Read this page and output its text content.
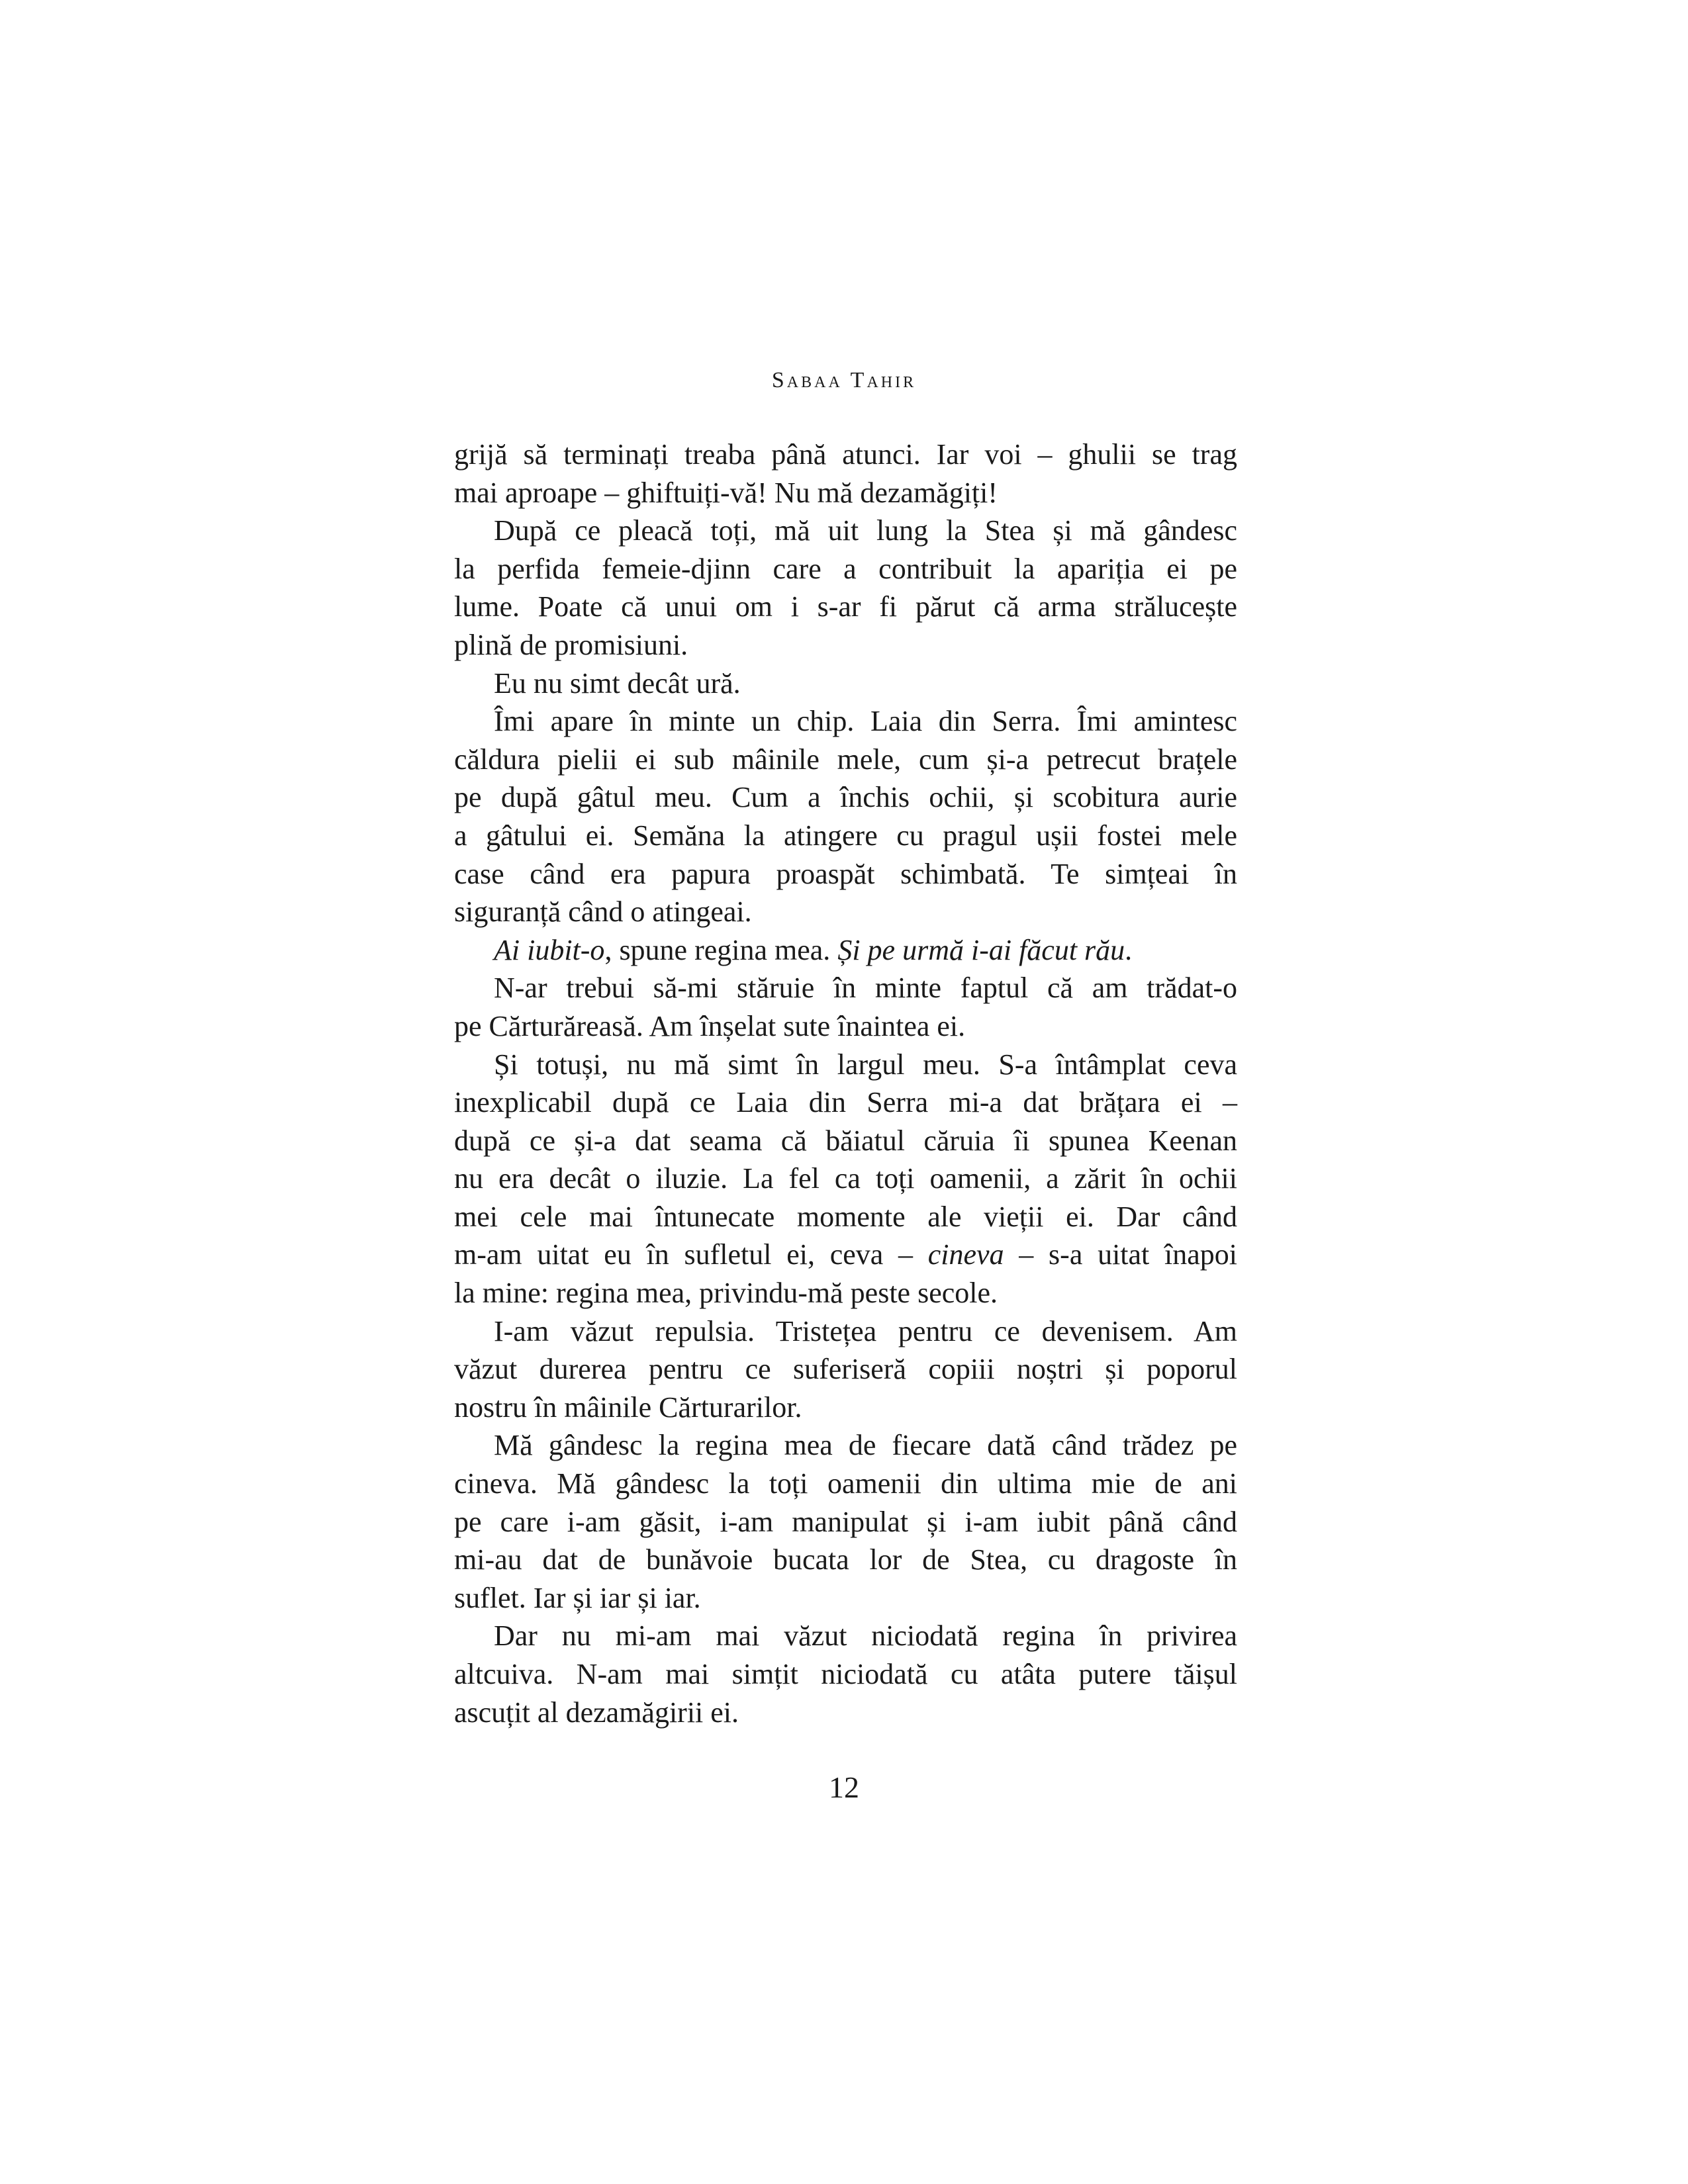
Sabaa Tahir
grijă să terminați treaba până atunci. Iar voi – ghulii se trag
mai aproape – ghiftuiți-vă! Nu mă dezamăgiți!
După ce pleacă toți, mă uit lung la Stea și mă gândesc
la perfida femeie-djinn care a contribuit la apariția ei pe
lume. Poate că unui om i s-ar fi părut că arma strălucește
plină de promisiuni.
Eu nu simt decât ură.
Îmi apare în minte un chip. Laia din Serra. Îmi amintesc
căldura pielii ei sub mâinile mele, cum și-a petrecut brațele
pe după gâtul meu. Cum a închis ochii, și scobitura aurie
a gâtului ei. Semăna la atingere cu pragul ușii fostei mele
case când era papura proaspăt schimbată. Te simțeai în
siguranță când o atingeai.
Ai iubit-o, spune regina mea. Și pe urmă i-ai făcut rău.
N-ar trebui să-mi stăruie în minte faptul că am trădat-o
pe Cărturăreasă. Am înșelat sute înaintea ei.
Și totuși, nu mă simt în largul meu. S-a întâmplat ceva
inexplicabil după ce Laia din Serra mi-a dat brățara ei –
după ce și-a dat seama că băiatul căruia îi spunea Keenan
nu era decât o iluzie. La fel ca toți oamenii, a zărit în ochii
mei cele mai întunecate momente ale vieții ei. Dar când
m-am uitat eu în sufletul ei, ceva – cineva – s-a uitat înapoi
la mine: regina mea, privindu-mă peste secole.
I-am văzut repulsia. Tristețea pentru ce devenisem. Am
văzut durerea pentru ce suferiseră copiii noștri și poporul
nostru în mâinile Cărturarilor.
Mă gândesc la regina mea de fiecare dată când trădez pe
cineva. Mă gândesc la toți oamenii din ultima mie de ani
pe care i-am găsit, i-am manipulat și i-am iubit până când
mi-au dat de bunăvoie bucata lor de Stea, cu dragoste în
suflet. Iar și iar și iar.
Dar nu mi-am mai văzut niciodată regina în privirea
altcuiva. N-am mai simțit niciodată cu atâta putere tăișul
ascuțit al dezamăgirii ei.
12
